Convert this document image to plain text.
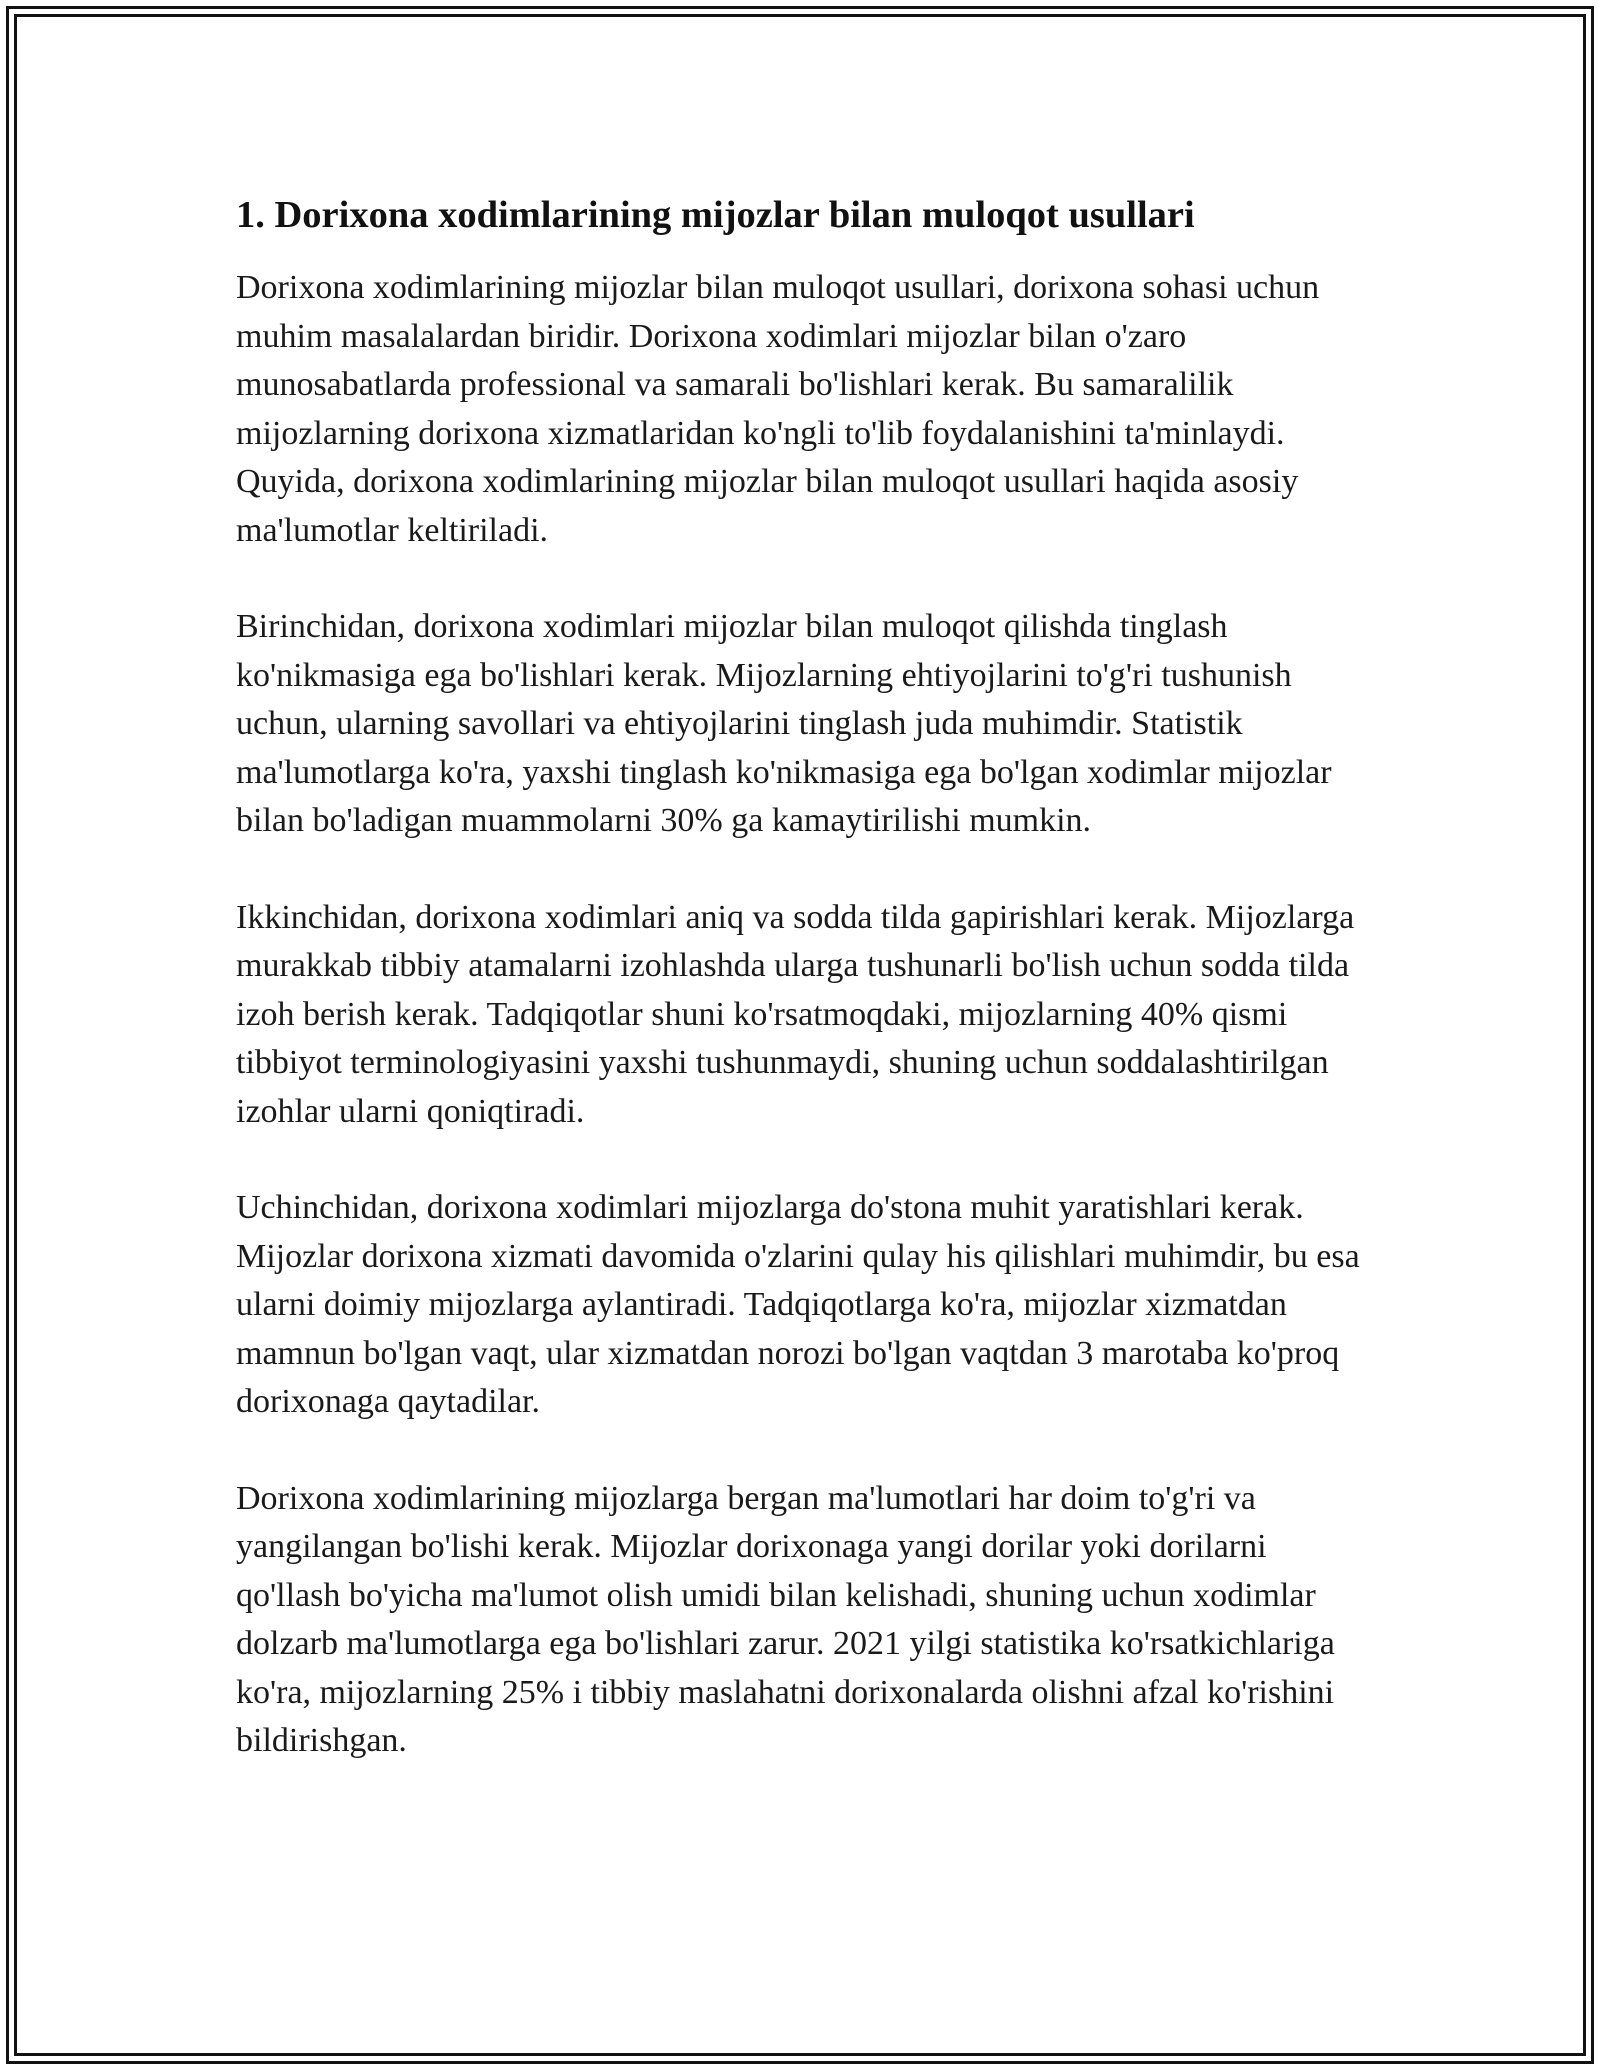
1. Dorixona xodimlarining mijozlar bilan muloqot usullari

Dorixona xodimlarining mijozlar bilan muloqot usullari, dorixona sohasi uchun muhim masalalardan biridir. Dorixona xodimlari mijozlar bilan o'zaro munosabatlarda professional va samarali bo'lishlari kerak. Bu samaralilik mijozlarning dorixona xizmatlaridan ko'ngli to'lib foydalanishini ta'minlaydi. Quyida, dorixona xodimlarining mijozlar bilan muloqot usullari haqida asosiy ma'lumotlar keltiriladi.

Birinchidan, dorixona xodimlari mijozlar bilan muloqot qilishda tinglash ko'nikmasiga ega bo'lishlari kerak. Mijozlarning ehtiyojlarini to'g'ri tushunish uchun, ularning savollari va ehtiyojlarini tinglash juda muhimdir. Statistik ma'lumotlarga ko'ra, yaxshi tinglash ko'nikmasiga ega bo'lgan xodimlar mijozlar bilan bo'ladigan muammolarni 30% ga kamaytirilishi mumkin.

Ikkinchidan, dorixona xodimlari aniq va sodda tilda gapirishlari kerak. Mijozlarga murakkab tibbiy atamalarni izohlashda ularga tushunarli bo'lish uchun sodda tilda izoh berish kerak. Tadqiqotlar shuni ko'rsatmoqdaki, mijozlarning 40% qismi tibbiyot terminologiyasini yaxshi tushunmaydi, shuning uchun soddalashtirilgan izohlar ularni qoniqtiradi.

Uchinchidan, dorixona xodimlari mijozlarga do'stona muhit yaratishlari kerak. Mijozlar dorixona xizmati davomida o'zlarini qulay his qilishlari muhimdir, bu esa ularni doimiy mijozlarga aylantiradi. Tadqiqotlarga ko'ra, mijozlar xizmatdan mamnun bo'lgan vaqt, ular xizmatdan norozi bo'lgan vaqtdan 3 marotaba ko'proq dorixonaga qaytadilar.

Dorixona xodimlarining mijozlarga bergan ma'lumotlari har doim to'g'ri va yangilangan bo'lishi kerak. Mijozlar dorixonaga yangi dorilar yoki dorilarni qo'llash bo'yicha ma'lumot olish umidi bilan kelishadi, shuning uchun xodimlar dolzarb ma'lumotlarga ega bo'lishlari zarur. 2021 yilgi statistika ko'rsatkichlariga ko'ra, mijozlarning 25% i tibbiy maslahatni dorixonalarda olishni afzal ko'rishini bildirishgan.
